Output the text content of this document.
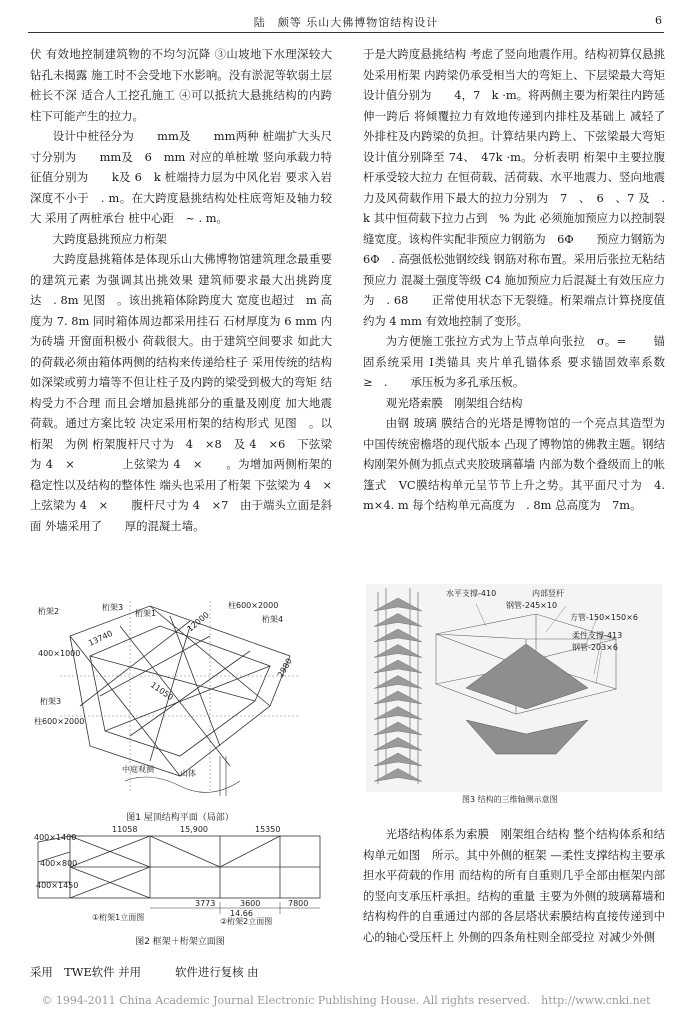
陆　颇等 乐山大佛博物馆结构设计	6

伏 有效地控制建筑物的不均匀沉降 ③山坡地下水理深较大 钻孔未揭露 施工时不会受地下水影响。没有淤泥等软弱土层 桩长不深 适合人工挖孔施工 ④可以抵抗大悬挑结构的内跨柱下可能产生的拉力。

设计中桩径分为　　mm及　　mm两种 桩端扩大头尺寸分别为　　mm及　6　mm 对应的单桩墩 竖向承载力特征值分别为　　k及 6　k 桩端持力层为中风化岩 要求入岩深度不小于　. m。在大跨度悬挑结构处柱底弯矩及轴力较大 采用了两桩承台 桩中心距　~ . m。

大跨度悬挑预应力桁架

大跨度悬挑箱体是体现乐山大佛博物馆建筑理念最重要的建筑元素 为强调其出挑效果 建筑师要求最大出挑跨度达　. 8m 见图　。该出挑箱体除跨度大 宽度也超过　m 高度为 7. 8m 同时箱体周边都采用挂石 石材厚度为 6 mm 内为砖墙 开窗面积极小 荷载很大。由于建筑空间要求 如此大的荷载必须由箱体两侧的结构来传递给柱子 采用传统的结构如深梁或剪力墙等不但让柱子及内跨的梁受到极大的弯矩 结构受力不合理 而且会增加悬挑部分的重量及刚度 加大地震荷载。通过方案比较 决定采用桁架的结构形式 见图　。以桁架　为例 桁架腹杆尺寸为　4　×8　及 4　×6　下弦梁为 4　×　　　　上弦梁为 4　×　　。为增加两侧桁架的稳定性以及结构的整体性 端头也采用了桁架 下弦梁为 4　×　　上弦梁为 4　×　　腹杆尺寸为 4　×7　由于端头立面是斜面 外墙采用了　　厚的混凝土墙。

桁架2	桁架3
桁架1
桁架4
柱600×2000
12000
2980
400×1000
桁架3
柱600×2000
山体
中庭观测
11050
13740
图1 屋顶结构平面（局部）
11058	15,900	15350
400×1400
400×800
400×1450
3773	3600	7800
①桁架1立面图	②桁架2立面图
14.66
图2 框架＋桁架立面图
采用　TWE软件 并用　　　软件进行复核 由

于是大跨度悬挑结构 考虑了竖向地震作用。结构初算仅悬挑处采用桁架 内跨梁仍承受相当大的弯矩上、下层梁最大弯矩设计值分别为　　4，7　k ·m。将两侧主要为桁架往内跨延伸一跨后 将倾覆拉力有效地传递到内排柱及基础上 减轻了外排柱及内跨梁的负担。计算结果内跨上、下弦梁最大弯矩设计值分别降至 74、　47k ·m。分析表明 桁架中主要拉腹杆承受较大拉力 在恒荷载、活荷载、水平地震力、竖向地震力及风荷载作用下最大的拉力分别为　7　、　6　、7 及　. k 其中恒荷载下拉力占到　% 为此 必须施加预应力以控制裂缝宽度。该构件实配非预应力钢筋为　6Φ　　预应力钢筋为　6Φ　. 高强低松弛钢绞线 钢筋对称布置。采用后张拉无粘结预应力 混凝土强度等级 C4 施加预应力后混凝土有效压应力为　. 68　　正常使用状态下无裂缝。桁架端点计算挠度值约为 4 mm 有效地控制了变形。

为方便施工张拉方式为上节点单向张拉　σ。= 　　锚固系统采用 I类锚具 夹片单孔锚体系 要求锚固效率系数 ≥　.　　承压板为多孔承压板。

观光塔索膜　刚架组合结构

由钢 玻璃 膜结合的光塔是博物馆的一个亮点其造型为中国传统密檐塔的现代版本 凸现了博物馆的佛教主题。钢结构刚架外侧为抓点式夹胶玻璃幕墙 内部为数个叠级而上的帐篷式　VC膜结构单元呈节节上升之势。其平面尺寸为　4. m×4. m 每个结构单元高度为　. 8m 总高度为　7m。

水平支撑-410	内部竖杆
钢管-245×10
方管-150×150×6
柔性支撑-413
钢管-203×6
图3 结构的三维轴侧示意图

光塔结构体系为索膜　刚架组合结构 整个结构体系和结构单元如图　所示。其中外侧的框架 —柔性支撑结构主要承担水平荷载的作用 而结构的所有自重则几乎全部由框架内部的竖向支承压杆承担。结构的重量 主要为外侧的玻璃幕墙和结构构件的自重通过内部的各层塔状索膜结构直接传递到中心的轴心受压杆上 外侧的四条角柱则全部受拉 对减少外侧

© 1994-2011 China Academic Journal Electronic Publishing House. All rights reserved.　http://www.cnki.net
